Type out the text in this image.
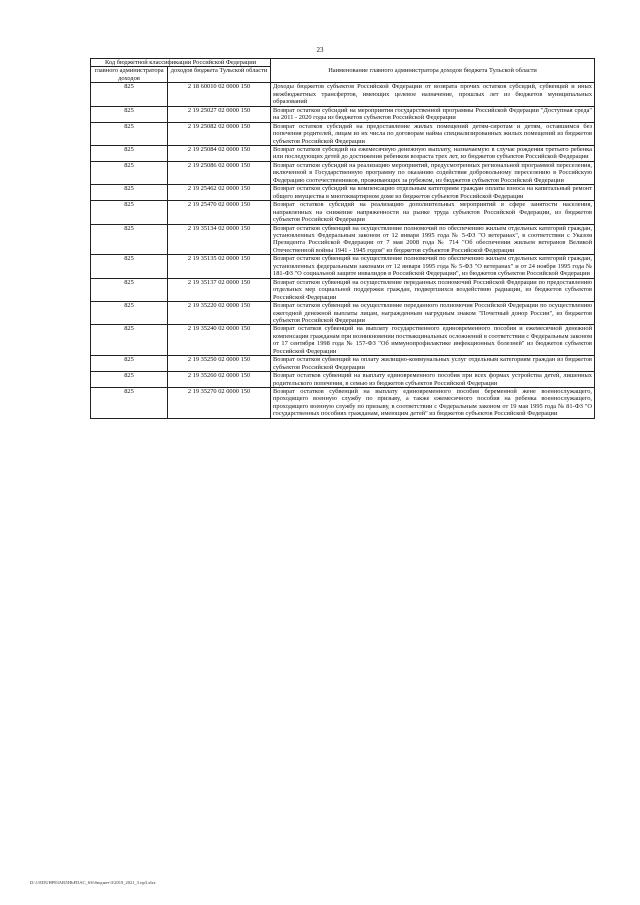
23
Код бюджетной классификации Российской Федерации		Наименование главного администратора доходов бюджета Тульской области
главного администратора доходов	доходов бюджета Тульской области	
825	2 18 60010 02 0000 150	Доходы бюджетов субъектов Российской Федерации от возврата прочих остатков субсидий, субвенций и иных межбюджетных трансфертов, имеющих целевое назначение, прошлых лет из бюджетов муниципальных образований
825	2 19 25027 02 0000 150	Возврат остатков субсидий на мероприятия государственной программы Российской Федерации "Доступная среда" на 2011 - 2020 годы из бюджетов субъектов Российской Федерации
825	2 19 25082 02 0000 150	Возврат остатков субсидий на предоставление жилых помещений детям-сиротам и детям, оставшимся без попечения родителей, лицам из их числа по договорам найма специализированных жилых помещений из бюджетов субъектов Российской Федерации
825	2 19 25084 02 0000 150	Возврат остатков субсидий на ежемесячную денежную выплату, назначаемую в случае рождения третьего ребенка или последующих детей до достижения ребенком возраста трех лет, из бюджетов субъектов Российской Федерации
825	2 19 25086 02 0000 150	Возврат остатков субсидий на реализацию мероприятий, предусмотренных региональной программой переселения, включенной в Государственную программу по оказанию содействия добровольному переселению в Российскую Федерацию соотечественников, проживающих за рубежом, из бюджетов субъектов Российской Федерации
825	2 19 25462 02 0000 150	Возврат остатков субсидий на компенсацию отдельным категориям граждан оплаты взноса на капитальный ремонт общего имущества в многоквартирном доме из бюджетов субъектов Российской Федерации
825	2 19 25470 02 0000 150	Возврат остатков субсидий на реализацию дополнительных мероприятий в сфере занятости населения, направленных на снижение напряженности на рынке труда субъектов Российской Федерации, из бюджетов субъектов Российской Федерации
825	2 19 35134 02 0000 150	Возврат остатков субвенций на осуществление полномочий по обеспечению жильем отдельных категорий граждан, установленных Федеральным законом от 12 января 1995 года № 5-ФЗ "О ветеранах", в соответствии с Указом Президента Российской Федерации от 7 мая 2008 года № 714 "Об обеспечении жильем ветеранов Великой Отечественной войны 1941 - 1945 годов" из бюджетов субъектов Российской Федерации
825	2 19 35135 02 0000 150	Возврат остатков субвенций на осуществление полномочий по обеспечению жильем отдельных категорий граждан, установленных федеральными законами от 12 января 1995 года № 5-ФЗ "О ветеранах" и от 24 ноября 1995 года № 181-ФЗ "О социальной защите инвалидов в Российской Федерации", из бюджетов субъектов Российской Федерации
825	2 19 35137 02 0000 150	Возврат остатков субвенций на осуществление переданных полномочий Российской Федерации по предоставлению отдельных мер социальной поддержки граждан, подвергшихся воздействию радиации, из бюджетов субъектов Российской Федерации
825	2 19 35220 02 0000 150	Возврат остатков субвенций на осуществление переданного полномочия Российской Федерации по осуществлению ежегодной денежной выплаты лицам, награжденным нагрудным знаком "Почетный донор России", из бюджетов субъектов Российской Федерации
825	2 19 35240 02 0000 150	Возврат остатков субвенций на выплату государственного единовременного пособия и ежемесячной денежной компенсации гражданам при возникновении поствакцинальных осложнений в соответствии с Федеральным законом от 17 сентября 1998 года № 157-ФЗ "Об иммунопрофилактике инфекционных болезней" из бюджетов субъектов Российской Федерации
825	2 19 35250 02 0000 150	Возврат остатков субвенций на оплату жилищно-коммунальных услуг отдельным категориям граждан из бюджетов субъектов Российской Федерации
825	2 19 35260 02 0000 150	Возврат остатков субвенций на выплату единовременного пособия при всех формах устройства детей, лишенных родительского попечения, в семью из бюджетов субъектов Российской Федерации
825	2 19 35270 02 0000 150	Возврат остатков субвенций на выплату единовременного пособия беременной жене военнослужащего, проходящего военную службу по призыву, а также ежемесячного пособия на ребенка военнослужащего, проходящего военную службу по призыву, в соответствии с Федеральным законом от 19 мая 1995 года № 81-ФЗ "О государственных пособиях гражданам, имеющим детей" из бюджетов субъектов Российской Федерации
D:\1\EDUHP83ABJ\HbFDAC_6\6\бюджет\3\2019_2021_3 пр3.xlsx
